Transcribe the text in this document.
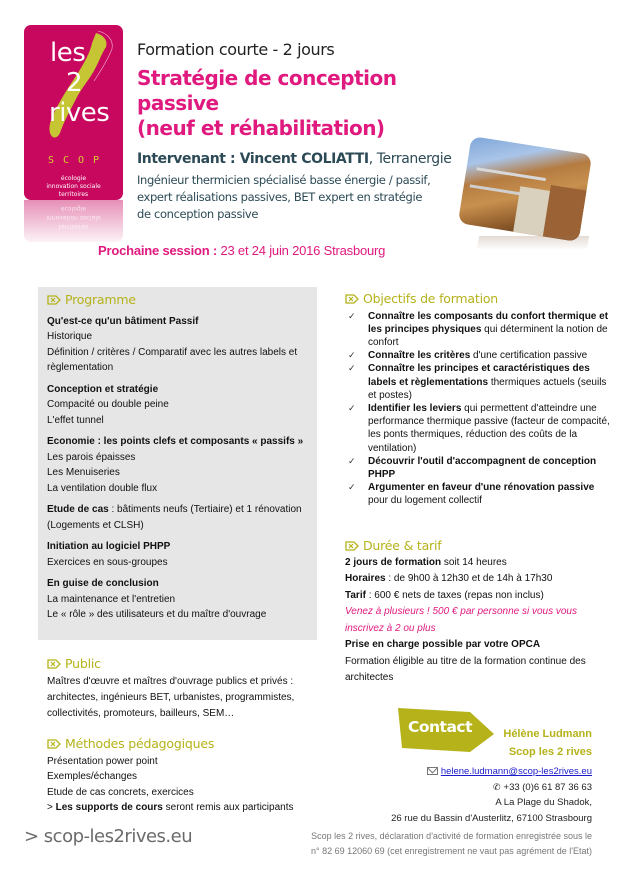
les
2
rives
SCOP
écologie
innovation sociale
territoires
territoires
innovation sociale
écologie
Formation courte - 2 jours
Stratégie de conception passive
(neuf et réhabilitation)
Intervenant : Vincent COLIATTI, Terranergie
Ingénieur thermicien spécialisé basse énergie / passif, expert réalisations passives, BET expert en stratégie de conception passive
Prochaine session : 23 et 24 juin 2016 Strasbourg
Programme

Qu'est-ce qu'un bâtiment Passif

Historique

Définition / critères / Comparatif avec les autres labels et règlementation

Conception et stratégie

Compacité ou double peine

L'effet tunnel

Economie : les points clefs et composants « passifs »

Les parois épaisses

Les Menuiseries

La ventilation double flux

Etude de cas : bâtiments neufs (Tertiaire) et 1 rénovation (Logements et CLSH)

Initiation au logiciel PHPP

Exercices en sous-groupes

En guise de conclusion

La maintenance et l'entretien

Le « rôle » des utilisateurs et du maître d'ouvrage

Objectifs de formation
✓ Connaître les composants du confort thermique et les principes physiques qui déterminent la notion de confort
✓ Connaître les critères d'une certification passive
✓ Connaître les principes et caractéristiques des labels et règlementations thermiques actuels (seuils et postes)
✓ Identifier les leviers qui permettent d'atteindre une performance thermique passive (facteur de compacité, les ponts thermiques, réduction des coûts de la ventilation)
✓ Découvrir l'outil d'accompagnent de conception PHPP
✓ Argumenter en faveur d'une rénovation passive pour du logement collectif
Durée & tarif

2 jours de formation soit 14 heures

Horaires : de 9h00 à 12h30 et de 14h à 17h30

Tarif : 600 € nets de taxes (repas non inclus)

Venez à plusieurs ! 500 € par personne si vous vous inscrivez à 2 ou plus

Prise en charge possible par votre OPCA

Formation éligible au titre de la formation continue des architectes

Public

Maîtres d'œuvre et maîtres d'ouvrage publics et privés : architectes, ingénieurs BET, urbanistes, programmistes, collectivités, promoteurs, bailleurs, SEM…

Méthodes pédagogiques

Présentation power point

Exemples/échanges

Etude de cas concrets, exercices

> Les supports de cours seront remis aux participants

Contact	Hélène Ludmann
Scop les 2 rives
helene.ludmann@scop-les2rives.eu
✆ +33 (0)6 61 87 36 63
A La Plage du Shadok,
26 rue du Bassin d'Austerlitz, 67100 Strasbourg
> scop-les2rives.eu	Scop les 2 rives, déclaration d'activité de formation enregistrée sous le
n° 82 69 12060 69 (cet enregistrement ne vaut pas agrément de l'Etat)
